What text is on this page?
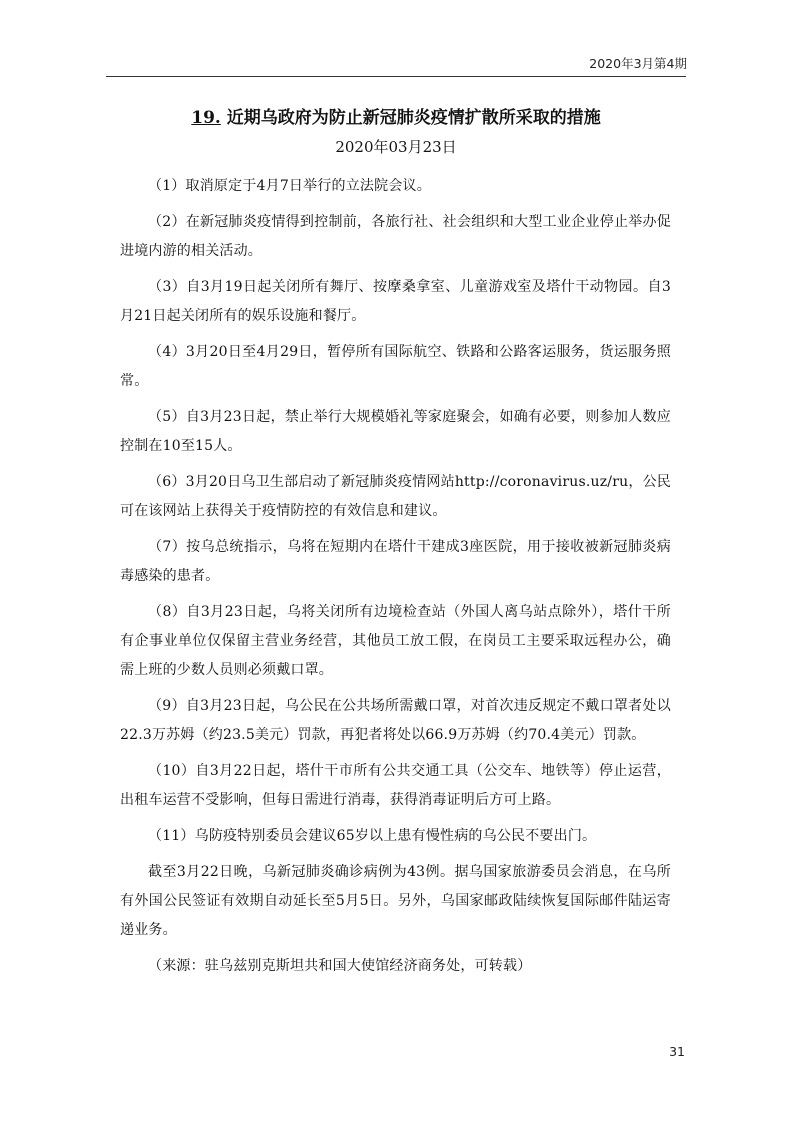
2020年3月第4期
19. 近期乌政府为防止新冠肺炎疫情扩散所采取的措施
2020年03月23日

（1）取消原定于4月7日举行的立法院会议。

（2）在新冠肺炎疫情得到控制前，各旅行社、社会组织和大型工业企业停止举办促进境内游的相关活动。

（3）自3月19日起关闭所有舞厅、按摩桑拿室、儿童游戏室及塔什干动物园。自3月21日起关闭所有的娱乐设施和餐厅。

（4）3月20日至4月29日，暂停所有国际航空、铁路和公路客运服务，货运服务照常。

（5）自3月23日起，禁止举行大规模婚礼等家庭聚会，如确有必要，则参加人数应控制在10至15人。

（6）3月20日乌卫生部启动了新冠肺炎疫情网站http://coronavirus.uz/ru，公民可在该网站上获得关于疫情防控的有效信息和建议。

（7）按乌总统指示，乌将在短期内在塔什干建成3座医院，用于接收被新冠肺炎病毒感染的患者。

（8）自3月23日起，乌将关闭所有边境检查站（外国人离乌站点除外），塔什干所有企事业单位仅保留主营业务经营，其他员工放工假，在岗员工主要采取远程办公，确需上班的少数人员则必须戴口罩。

（9）自3月23日起，乌公民在公共场所需戴口罩，对首次违反规定不戴口罩者处以22.3万苏姆（约23.5美元）罚款，再犯者将处以66.9万苏姆（约70.4美元）罚款。

（10）自3月22日起，塔什干市所有公共交通工具（公交车、地铁等）停止运营，出租车运营不受影响，但每日需进行消毒，获得消毒证明后方可上路。

（11）乌防疫特别委员会建议65岁以上患有慢性病的乌公民不要出门。

截至3月22日晚，乌新冠肺炎确诊病例为43例。据乌国家旅游委员会消息，在乌所有外国公民签证有效期自动延长至5月5日。另外，乌国家邮政陆续恢复国际邮件陆运寄递业务。

（来源：驻乌兹别克斯坦共和国大使馆经济商务处，可转载）

31
